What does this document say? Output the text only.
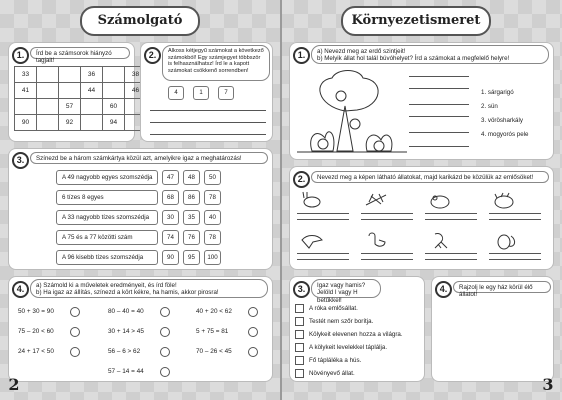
Számolgató
1.	Írd be a számsorok hiányzó tagjait!
33			36		38
41			44		46
		57		60	
90		92		94	
2.	Alkoss kétjegyű számokat a következő számokból! Egy számjegyet többször is felhasználhatsz! Írd le a kapott számokat csökkenő sorrendben!
4	1	7
3.	Színezd be a három számkártya közül azt, amelyikre igaz a meghatározás!
A 49 nagyobb egyes szomszédja	47	48	50
6 tízes 8 egyes	68	86	78
A 33 nagyobb tízes szomszédja	30	35	40
A 75 és a 77 közötti szám	74	76	78
A 96 kisebb tízes szomszédja	90	95	100
4.	a) Számold ki a műveletek eredményeit, és írd föle!
b) Ha igaz az állítás, színezd a kört kékre, ha hamis, akkor pirosra!
50 + 30 = 90
75 – 20 < 60
24 + 17 < 50
80 – 40 = 40
30 + 14 > 45
56 – 6 > 62
57 – 14 = 44
40 + 20 < 62
5 + 75 = 81
70 – 26 < 45
2
Környezetismeret
1.	a) Nevezd meg az erdő szintjeit!
b) Melyik állat hol talál búvóhelyet? Írd a számokat a megfelelő helyre!
1. sárgarigó
2. sün
3. vörösharkály
4. mogyorós pele
2.	Nevezd meg a képen látható állatokat, majd karikázd be közülük az emlősöket!
3.	Igaz vagy hamis?
Jelöld I vagy H betűkkel!
A róka emlősállat.
Testét nem szőr borítja.
Kölykeit elevenen hozza a világra.
A kölykeit levelekkel táplálja.
Fő táplálékа a hús.
Növényevő állat.
4.	Rajzolj le egy ház körül élő állatot!
3
